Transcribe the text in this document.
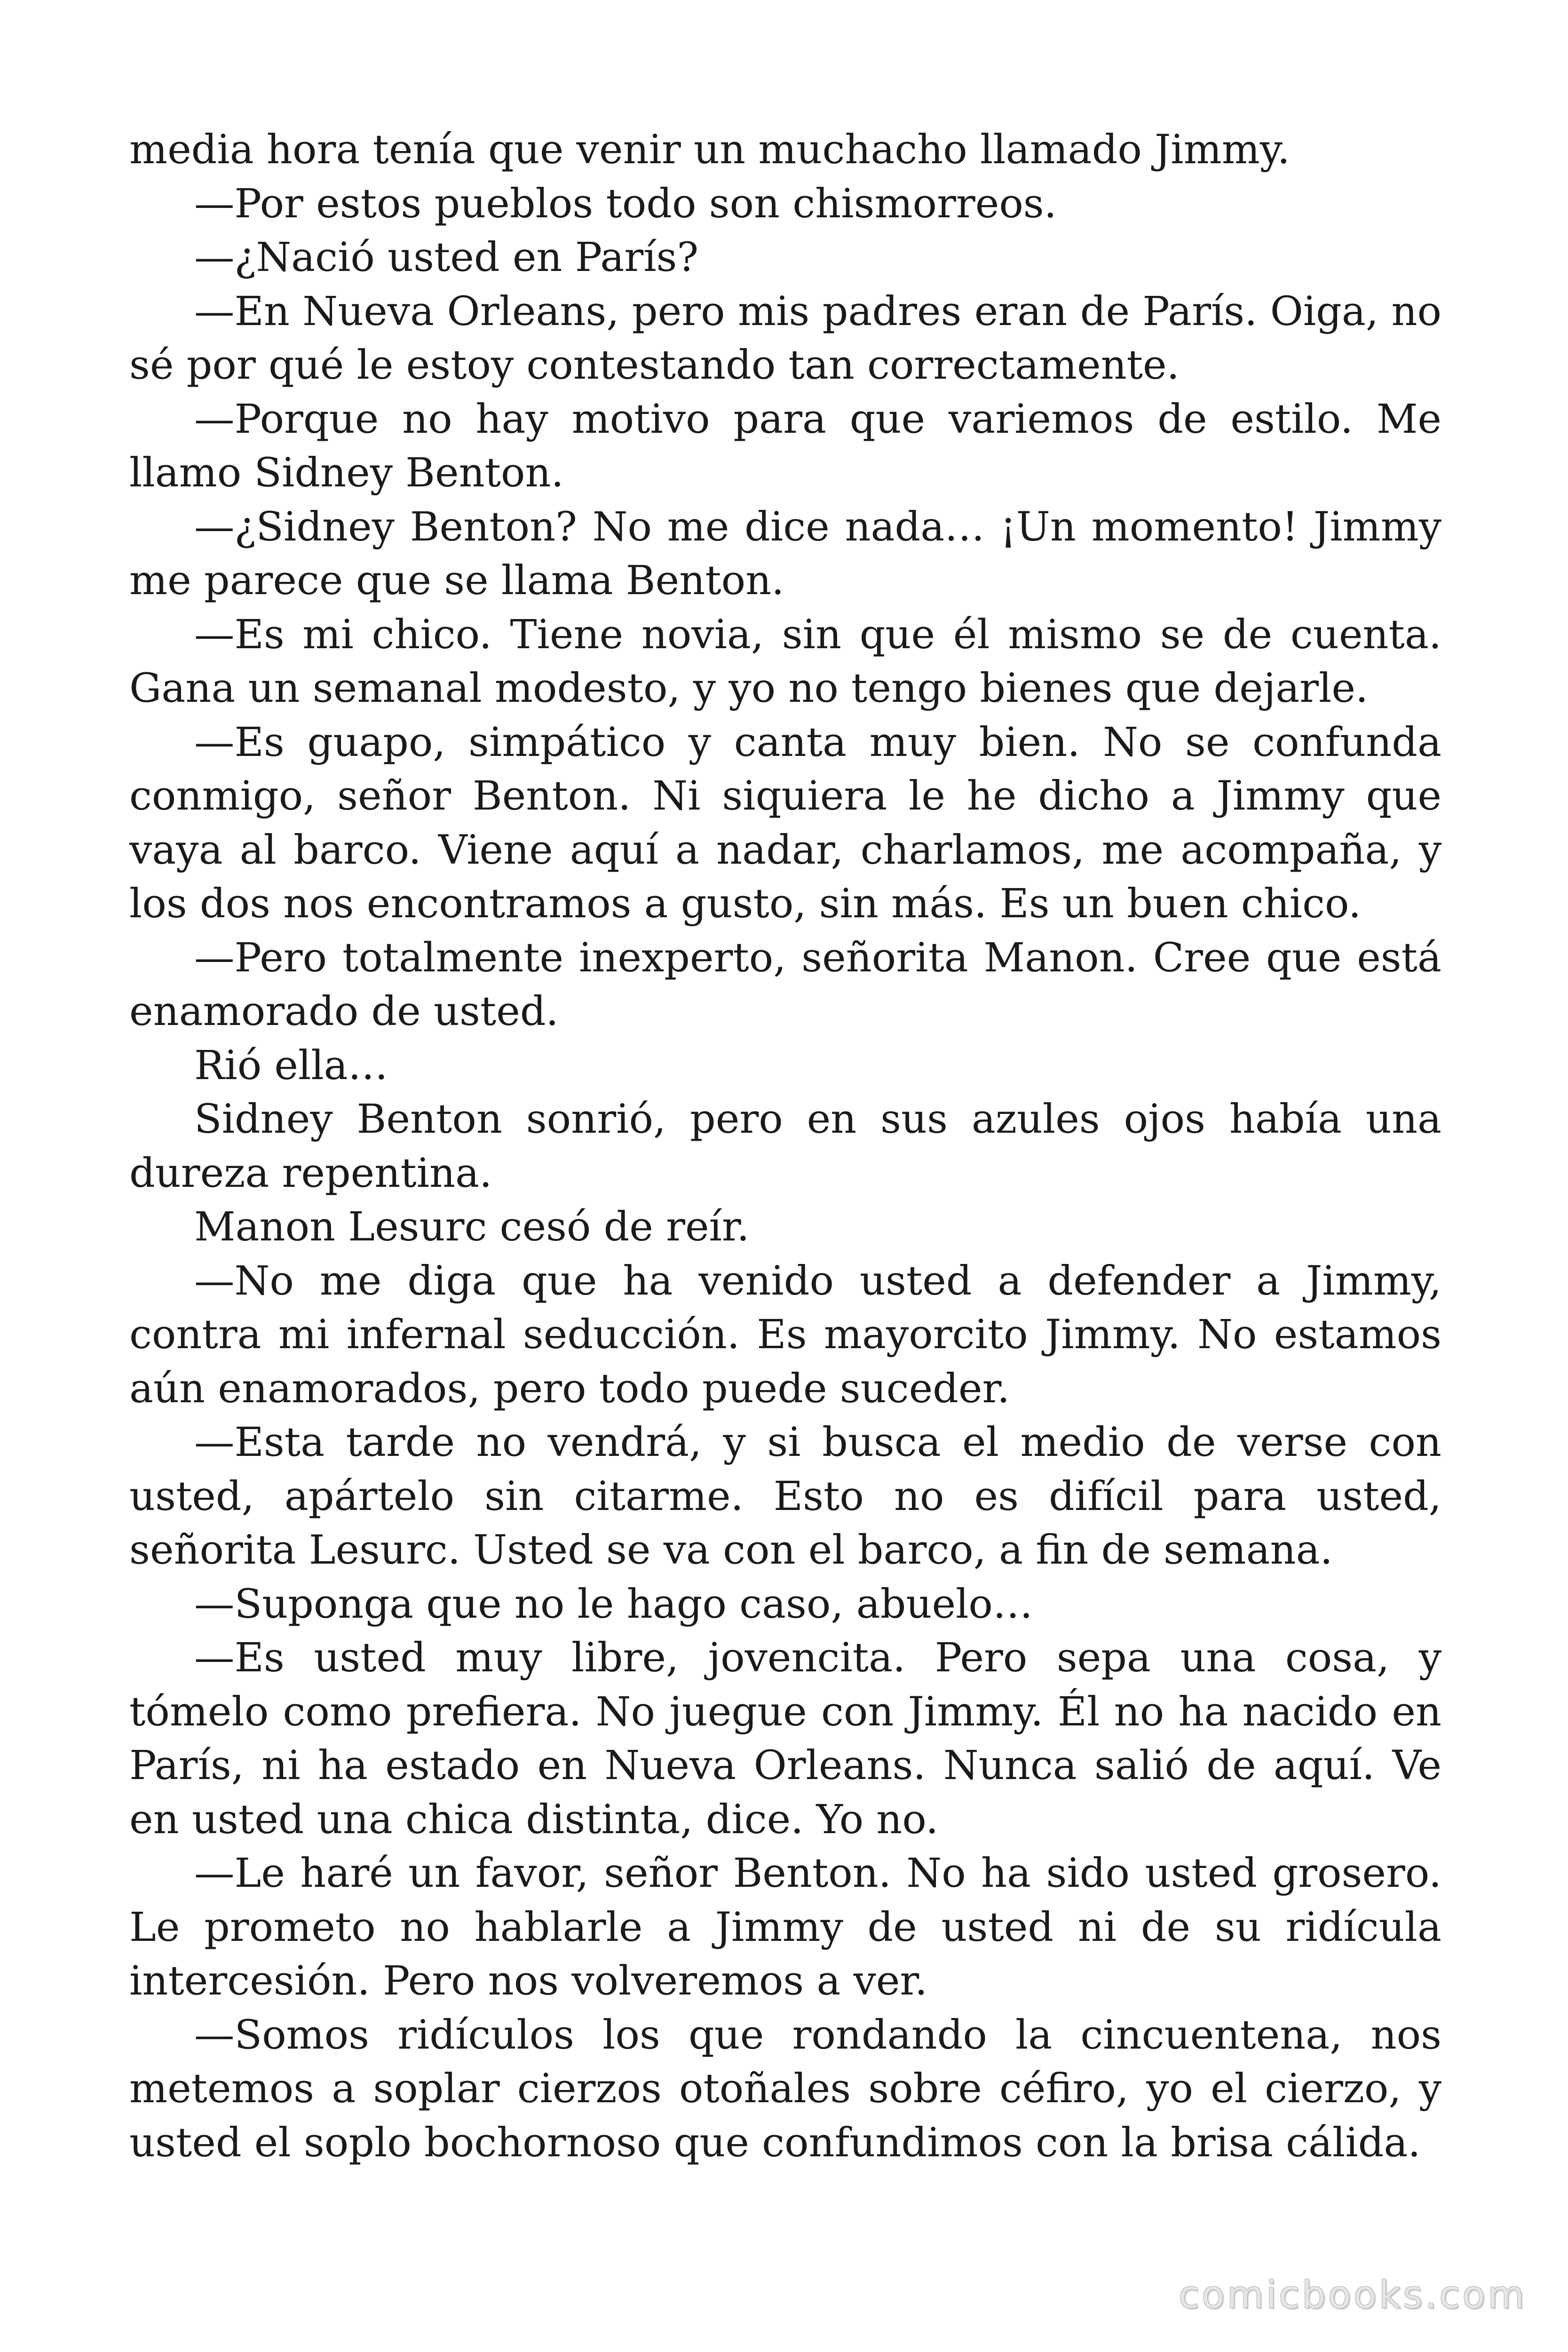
media hora tenía que venir un muchacho llamado Jimmy.

—Por estos pueblos todo son chismorreos.

—¿Nació usted en París?

—En Nueva Orleans, pero mis padres eran de París. Oiga, no sé por qué le estoy contestando tan correctamente.

—Porque no hay motivo para que variemos de estilo. Me llamo Sidney Benton.

—¿Sidney Benton? No me dice nada… ¡Un momento! Jimmy me parece que se llama Benton.

—Es mi chico. Tiene novia, sin que él mismo se de cuenta. Gana un semanal modesto, y yo no tengo bienes que dejarle.

—Es guapo, simpático y canta muy bien. No se confunda conmigo, señor Benton. Ni siquiera le he dicho a Jimmy que vaya al barco. Viene aquí a nadar, charlamos, me acompaña, y los dos nos encontramos a gusto, sin más. Es un buen chico.

—Pero totalmente inexperto, señorita Manon. Cree que está enamorado de usted.

Rió ella…

Sidney Benton sonrió, pero en sus azules ojos había una dureza repentina.

Manon Lesurc cesó de reír.

—No me diga que ha venido usted a defender a Jimmy, contra mi infernal seducción. Es mayorcito Jimmy. No estamos aún enamorados, pero todo puede suceder.

—Esta tarde no vendrá, y si busca el medio de verse con usted, apártelo sin citarme. Esto no es difícil para usted, señorita Lesurc. Usted se va con el barco, a fin de semana.

—Suponga que no le hago caso, abuelo…

—Es usted muy libre, jovencita. Pero sepa una cosa, y tómelo como prefiera. No juegue con Jimmy. Él no ha nacido en París, ni ha estado en Nueva Orleans. Nunca salió de aquí. Ve en usted una chica distinta, dice. Yo no.

—Le haré un favor, señor Benton. No ha sido usted grosero. Le prometo no hablarle a Jimmy de usted ni de su ridícula intercesión. Pero nos volveremos a ver.

—Somos ridículos los que rondando la cincuentena, nos metemos a soplar cierzos otoñales sobre céfiro, yo el cierzo, y usted el soplo bochornoso que confundimos con la brisa cálida.

comicbooks.com
